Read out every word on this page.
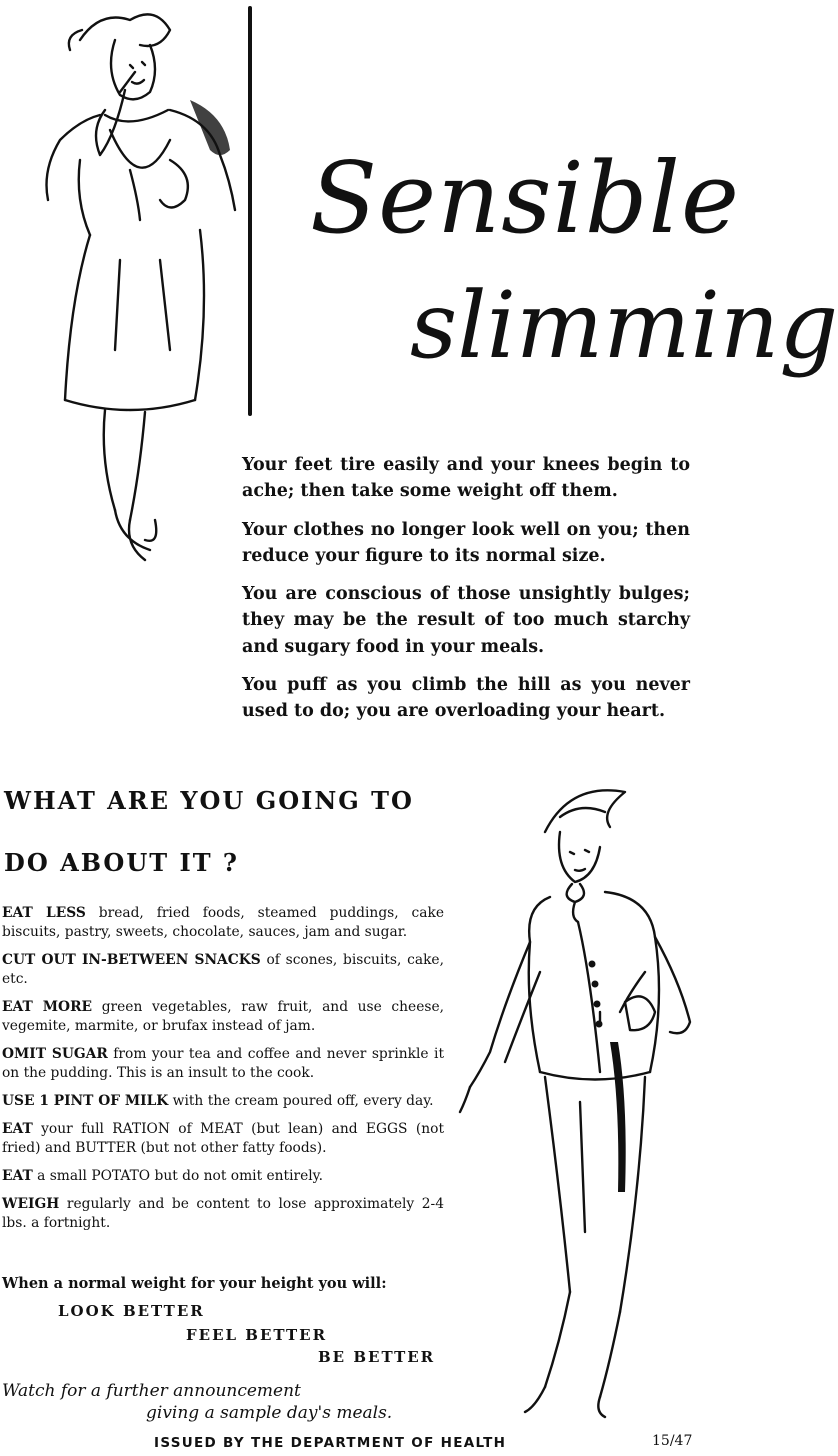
Sensible
slimming

Your feet tire easily and your knees begin to ache; then take some weight off them.

Your clothes no longer look well on you; then reduce your figure to its normal size.

You are conscious of those unsightly bulges; they may be the result of too much starchy and sugary food in your meals.

You puff as you climb the hill as you never used to do; you are overloading your heart.

WHAT ARE YOU GOING TO
DO ABOUT IT ?

EAT LESS bread, fried foods, steamed puddings, cake biscuits, pastry, sweets, chocolate, sauces, jam and sugar.

CUT OUT IN-BETWEEN SNACKS of scones, biscuits, cake, etc.

EAT MORE green vegetables, raw fruit, and use cheese, vegemite, marmite, or brufax instead of jam.

OMIT SUGAR from your tea and coffee and never sprinkle it on the pudding. This is an insult to the cook.

USE 1 PINT OF MILK with the cream poured off, every day.

EAT your full RATION of MEAT (but lean) and EGGS (not fried) and BUTTER (but not other fatty foods).

EAT a small POTATO but do not omit entirely.

WEIGH regularly and be content to lose approximately 2-4 lbs. a fortnight.

When a normal weight for your height you will:
LOOK BETTER
FEEL BETTER
BE BETTER
Watch for a further announcement
giving a sample day's meals.
ISSUED BY THE DEPARTMENT OF HEALTH	15/47
